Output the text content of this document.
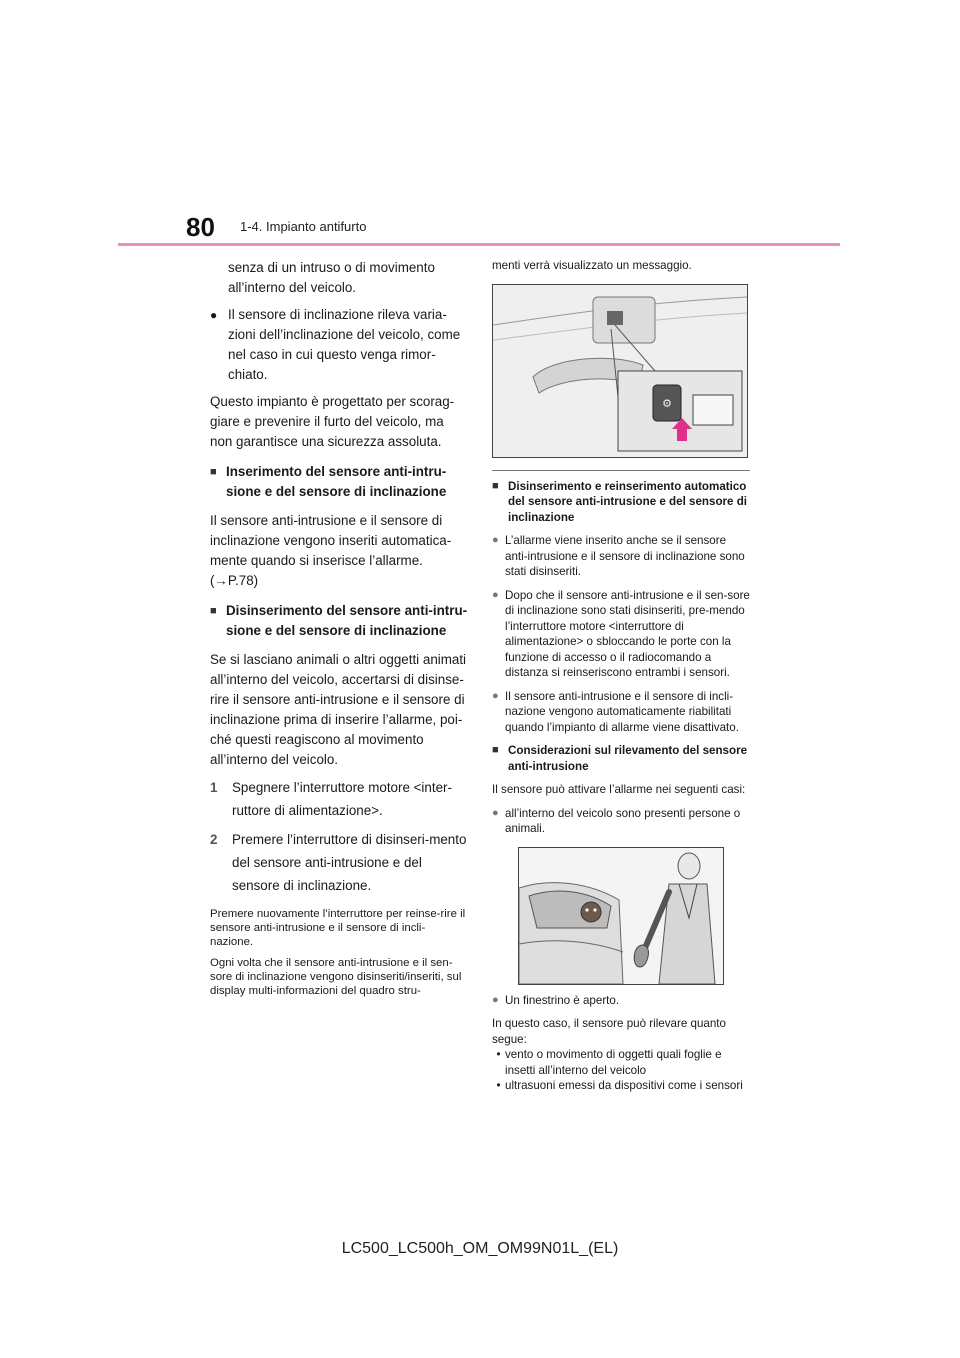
80 1-4. Impianto antifurto

senza di un intruso o di movimento all’interno del veicolo.

● Il sensore di inclinazione rileva varia-zioni dell’inclinazione del veicolo, come nel caso in cui questo venga rimor-chiato.

Questo impianto è progettato per scorag-giare e prevenire il furto del veicolo, ma non garantisce una sicurezza assoluta.

■ Inserimento del sensore anti-intru-sione e del sensore di inclinazione

Il sensore anti-intrusione e il sensore di inclinazione vengono inseriti automatica-mente quando si inserisce l’allarme.

(→P.78)

■ Disinserimento del sensore anti-intru-sione e del sensore di inclinazione

Se si lasciano animali o altri oggetti animati all’interno del veicolo, accertarsi di disinse-rire il sensore anti-intrusione e il sensore di inclinazione prima di inserire l’allarme, poi-ché questi reagiscono al movimento all’interno del veicolo.

1	Spegnere l’interruttore motore <inter-ruttore di alimentazione>.
2	Premere l’interruttore di disinseri-mento del sensore anti-intrusione e del sensore di inclinazione.

Premere nuovamente l’interruttore per reinse-rire il sensore anti-intrusione e il sensore di incli-nazione.

Ogni volta che il sensore anti-intrusione e il sen-sore di inclinazione vengono disinseriti/inseriti, sul display multi-informazioni del quadro stru-

menti verrà visualizzato un messaggio.

⚙
■ Disinserimento e reinserimento automatico del sensore anti-intrusione e del sensore di inclinazione
● L’allarme viene inserito anche se il sensore anti-intrusione e il sensore di inclinazione sono stati disinseriti.
● Dopo che il sensore anti-intrusione e il sen-sore di inclinazione sono stati disinseriti, pre-mendo l’interruttore motore <interruttore di alimentazione> o sbloccando le porte con la funzione di accesso o il radiocomando a distanza si reinseriscono entrambi i sensori.
● Il sensore anti-intrusione e il sensore di incli-nazione vengono automaticamente riabilitati quando l’impianto di allarme viene disattivato.
■ Considerazioni sul rilevamento del sensore anti-intrusione

Il sensore può attivare l’allarme nei seguenti casi:

● all’interno del veicolo sono presenti persone o animali.
● Un finestrino è aperto.

In questo caso, il sensore può rilevare quanto segue:

• vento o movimento di oggetti quali foglie e insetti all’interno del veicolo
• ultrasuoni emessi da dispositivi come i sensori
LC500_LC500h_OM_OM99N01L_(EL)
